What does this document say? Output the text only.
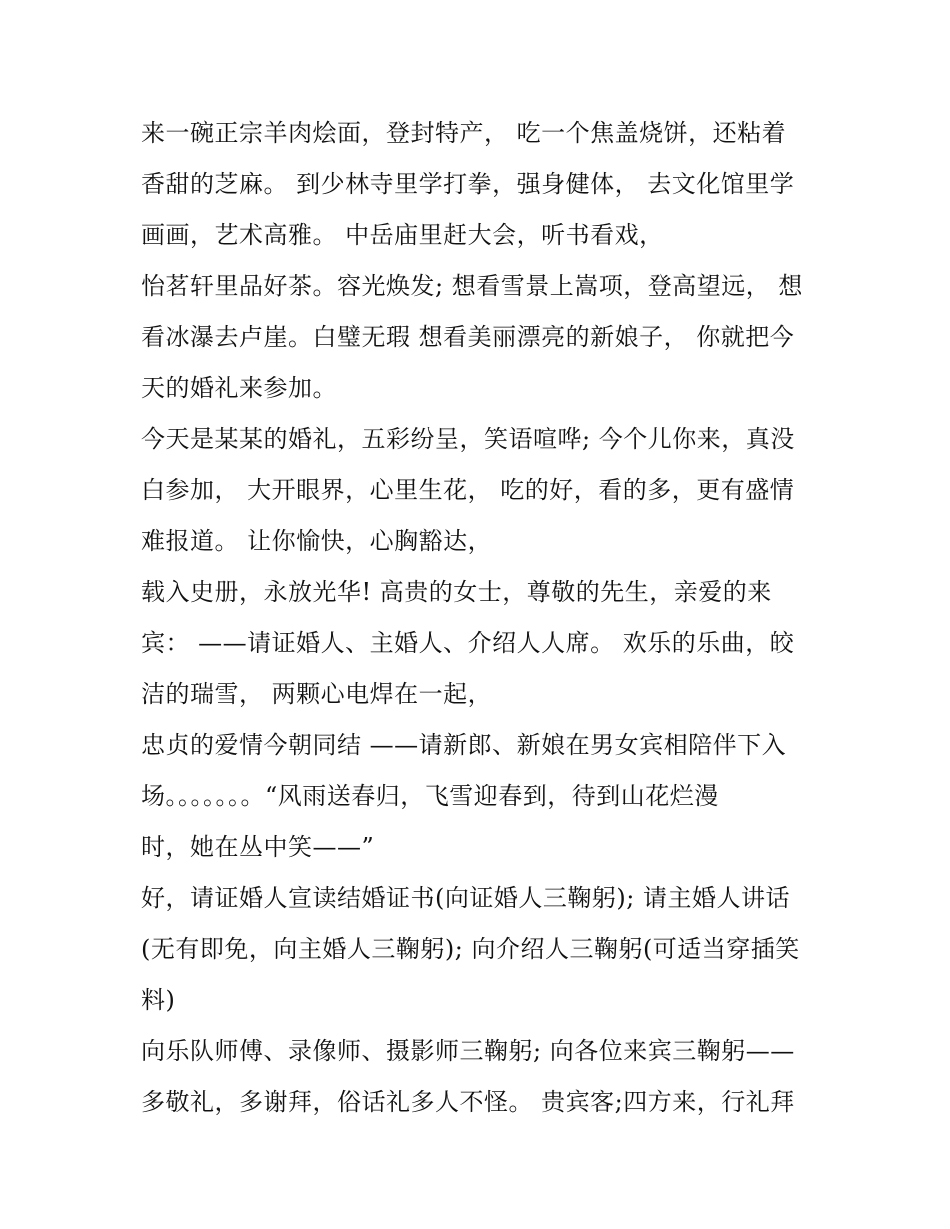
来一碗正宗羊肉烩面，登封特产， 吃一个焦盖烧饼，还粘着
香甜的芝麻。 到少林寺里学打拳，强身健体， 去文化馆里学
画画，艺术高雅。 中岳庙里赶大会，听书看戏，
怡茗轩里品好茶。容光焕发; 想看雪景上嵩项，登高望远， 想
看冰瀑去卢崖。白璧无瑕 想看美丽漂亮的新娘子， 你就把今
天的婚礼来参加。
今天是某某的婚礼，五彩纷呈，笑语喧哗; 今个儿你来，真没
白参加， 大开眼界，心里生花， 吃的好，看的多，更有盛情
难报道。 让你愉快，心胸豁达，
载入史册，永放光华! 高贵的女士，尊敬的先生，亲爱的来
宾： ——请证婚人、主婚人、介绍人人席。 欢乐的乐曲，皎
洁的瑞雪， 两颗心电焊在一起，
忠贞的爱情今朝同结 ——请新郎、新娘在男女宾相陪伴下入
场。。。。。。。“风雨送春归，飞雪迎春到，待到山花烂漫
时，她在丛中笑——”
好，请证婚人宣读结婚证书(向证婚人三鞠躬); 请主婚人讲话
(无有即免，向主婚人三鞠躬); 向介绍人三鞠躬(可适当穿插笑
料)
向乐队师傅、录像师、摄影师三鞠躬; 向各位来宾三鞠躬——
多敬礼，多谢拜，俗话礼多人不怪。 贵宾客;四方来，行礼拜
